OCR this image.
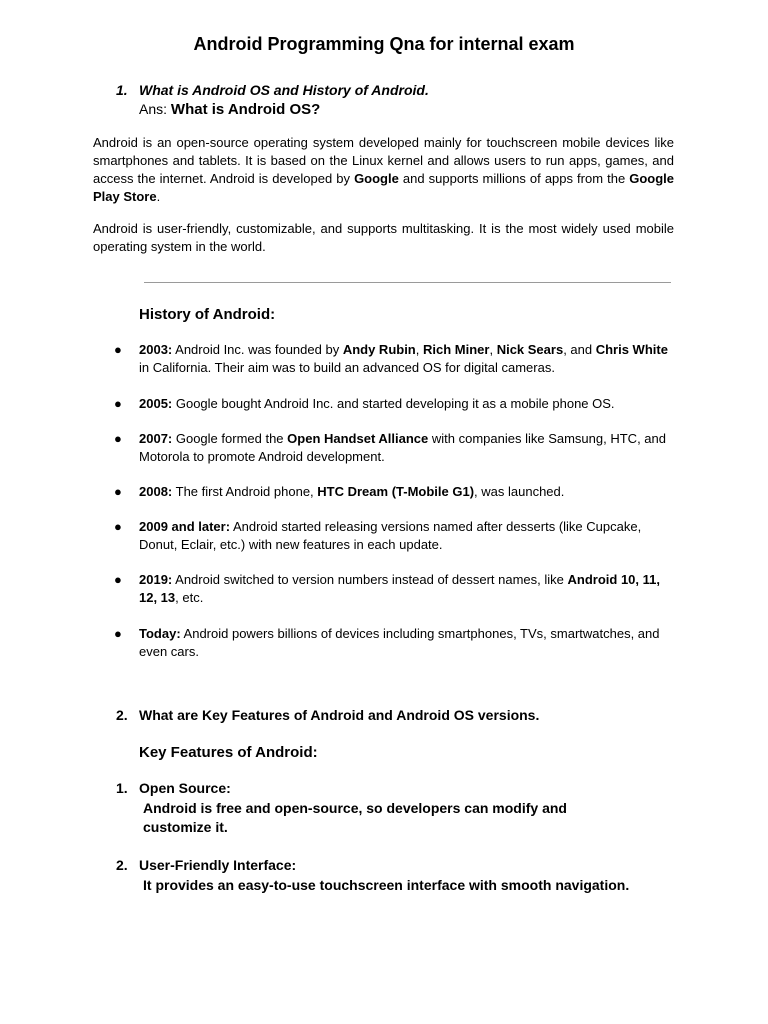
Android Programming Qna for internal exam
1. What is Android OS and History of Android.
Ans: What is Android OS?

Android is an open-source operating system developed mainly for touchscreen mobile devices like smartphones and tablets. It is based on the Linux kernel and allows users to run apps, games, and access the internet. Android is developed by Google and supports millions of apps from the Google Play Store.

Android is user-friendly, customizable, and supports multitasking. It is the most widely used mobile operating system in the world.

History of Android:
● 2003: Android Inc. was founded by Andy Rubin, Rich Miner, Nick Sears, and Chris White in California. Their aim was to build an advanced OS for digital cameras.
● 2005: Google bought Android Inc. and started developing it as a mobile phone OS.
● 2007: Google formed the Open Handset Alliance with companies like Samsung, HTC, and Motorola to promote Android development.
● 2008: The first Android phone, HTC Dream (T-Mobile G1), was launched.
● 2009 and later: Android started releasing versions named after desserts (like Cupcake, Donut, Eclair, etc.) with new features in each update.
● 2019: Android switched to version numbers instead of dessert names, like Android 10, 11, 12, 13, etc.
● Today: Android powers billions of devices including smartphones, TVs, smartwatches, and even cars.
2. What are Key Features of Android and Android OS versions.
Key Features of Android:
1. Open Source:
Android is free and open-source, so developers can modify and customize it.
2. User-Friendly Interface:
It provides an easy-to-use touchscreen interface with smooth navigation.
